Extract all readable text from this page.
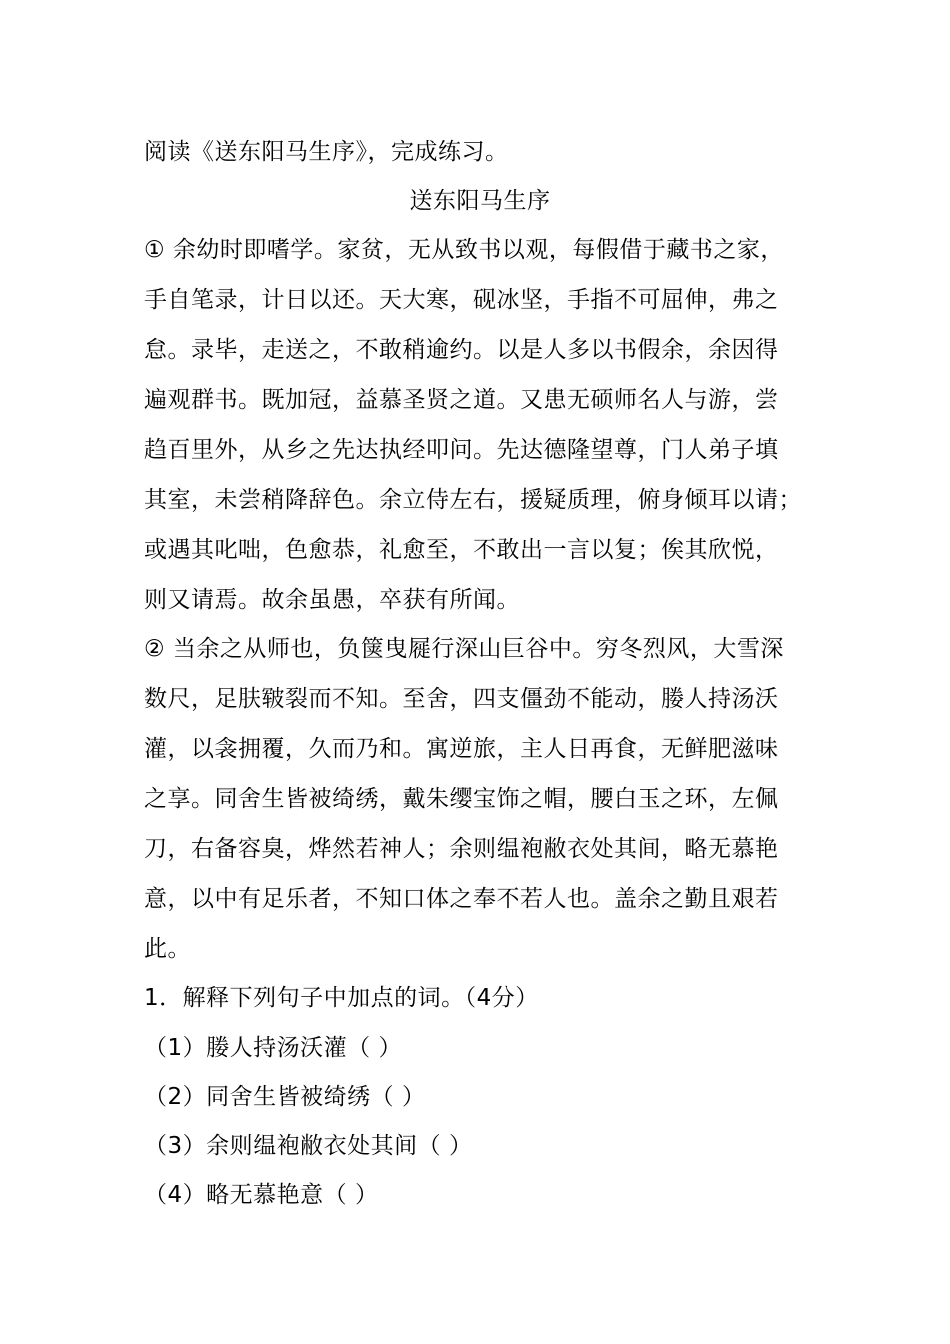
阅读《送东阳马生序》，完成练习。
送东阳马生序
① 余幼时即嗜学。家贫，无从致书以观，每假借于藏书之家，
手自笔录，计日以还。天大寒，砚冰坚，手指不可屈伸，弗之
怠。录毕，走送之，不敢稍逾约。以是人多以书假余，余因得
遍观群书。既加冠，益慕圣贤之道。又患无硕师名人与游，尝
趋百里外，从乡之先达执经叩问。先达德隆望尊，门人弟子填
其室，未尝稍降辞色。余立侍左右，援疑质理，俯身倾耳以请；
或遇其叱咄，色愈恭，礼愈至，不敢出一言以复；俟其欣悦，
则又请焉。故余虽愚，卒获有所闻。
② 当余之从师也，负箧曳屣行深山巨谷中。穷冬烈风，大雪深
数尺，足肤皲裂而不知。至舍，四支僵劲不能动，媵人持汤沃
灌，以衾拥覆，久而乃和。寓逆旅，主人日再食，无鲜肥滋味
之享。同舍生皆被绮绣，戴朱缨宝饰之帽，腰白玉之环，左佩
刀，右备容臭，烨然若神人；余则缊袍敝衣处其间，略无慕艳
意，以中有足乐者，不知口体之奉不若人也。盖余之勤且艰若
此。
1．解释下列句子中加点的词。（4分）
（1）媵人持汤沃灌（ ）
（2）同舍生皆被绮绣（ ）
（3）余则缊袍敝衣处其间（ ）
（4）略无慕艳意（ ）
